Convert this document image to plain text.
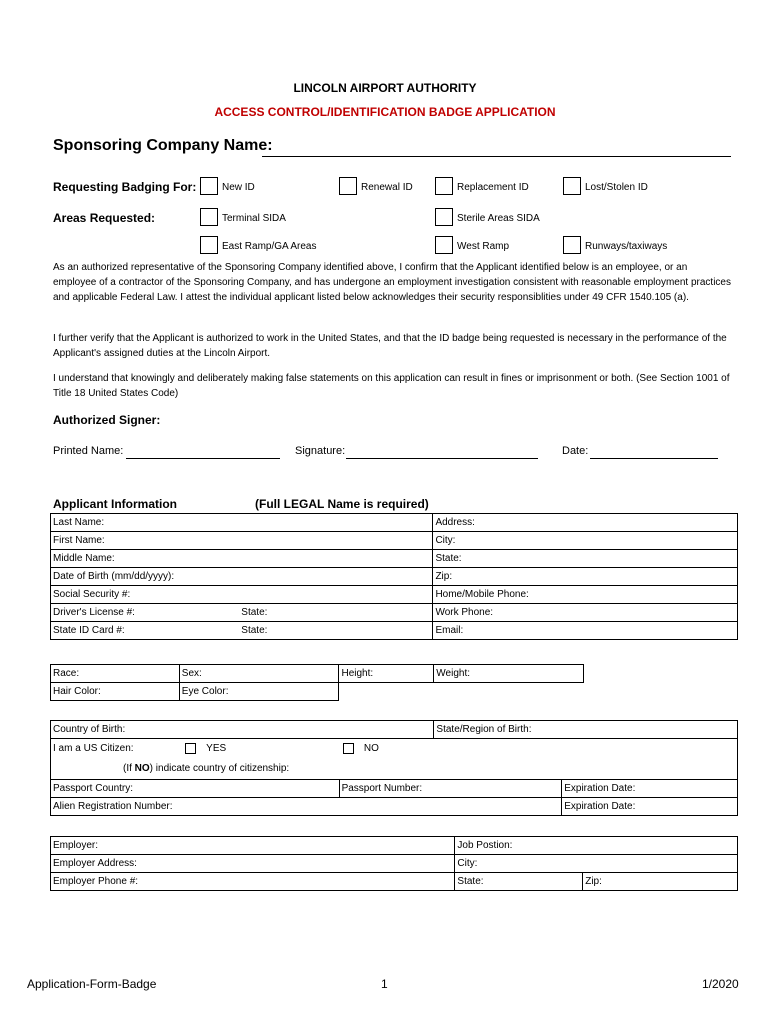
LINCOLN AIRPORT AUTHORITY
ACCESS CONTROL/IDENTIFICATION BADGE APPLICATION
Sponsoring Company Name:
Requesting Badging For:	New ID	Renewal ID	Replacement ID	Lost/Stolen ID
Areas Requested:	Terminal SIDA	Sterile Areas SIDA
East Ramp/GA Areas	West Ramp	Runways/taxiways
As an authorized representative of the Sponsoring Company identified above, I confirm that the Applicant identified below is an employee, or an employee of a contractor of the Sponsoring Company, and has undergone an employment investigation consistent with reasonable employment practices and applicable Federal Law. I attest the individual applicant listed below acknowledges their security responsiblities under 49 CFR 1540.105 (a).
I further verify that the Applicant is authorized to work in the United States, and that the ID badge being requested is necessary in the performance of the Applicant's assigned duties at the Lincoln Airport.
I understand that knowingly and deliberately making false statements on this application can result in fines or imprisonment or both. (See Section 1001 of Title 18 United States Code)
Authorized Signer:
Printed Name:	Signature:	Date:
Applicant Information	(Full LEGAL Name is required)
Last Name:		Address:
First Name:		City:
Middle Name:		State:
Date of Birth (mm/dd/yyyy):		Zip:
Social Security #:		Home/Mobile Phone:
Driver's License #:	State:	Work Phone:
State ID Card #:	State:	Email:
Race:	Sex:	Height:	Weight:
Hair Color:	Eye Color:		
Country of Birth:			State/Region of Birth:	
I am a US Citizen:	YES	NO		
(If NO) indicate country of citizenship:				
Passport Country:		Passport Number:		Expiration Date:
Alien Registration Number:				Expiration Date:
Employer:	Job Postion:	
Employer Address:	City:	
Employer Phone #:	State:	Zip:
Application-Form-Badge	1	1/2020
